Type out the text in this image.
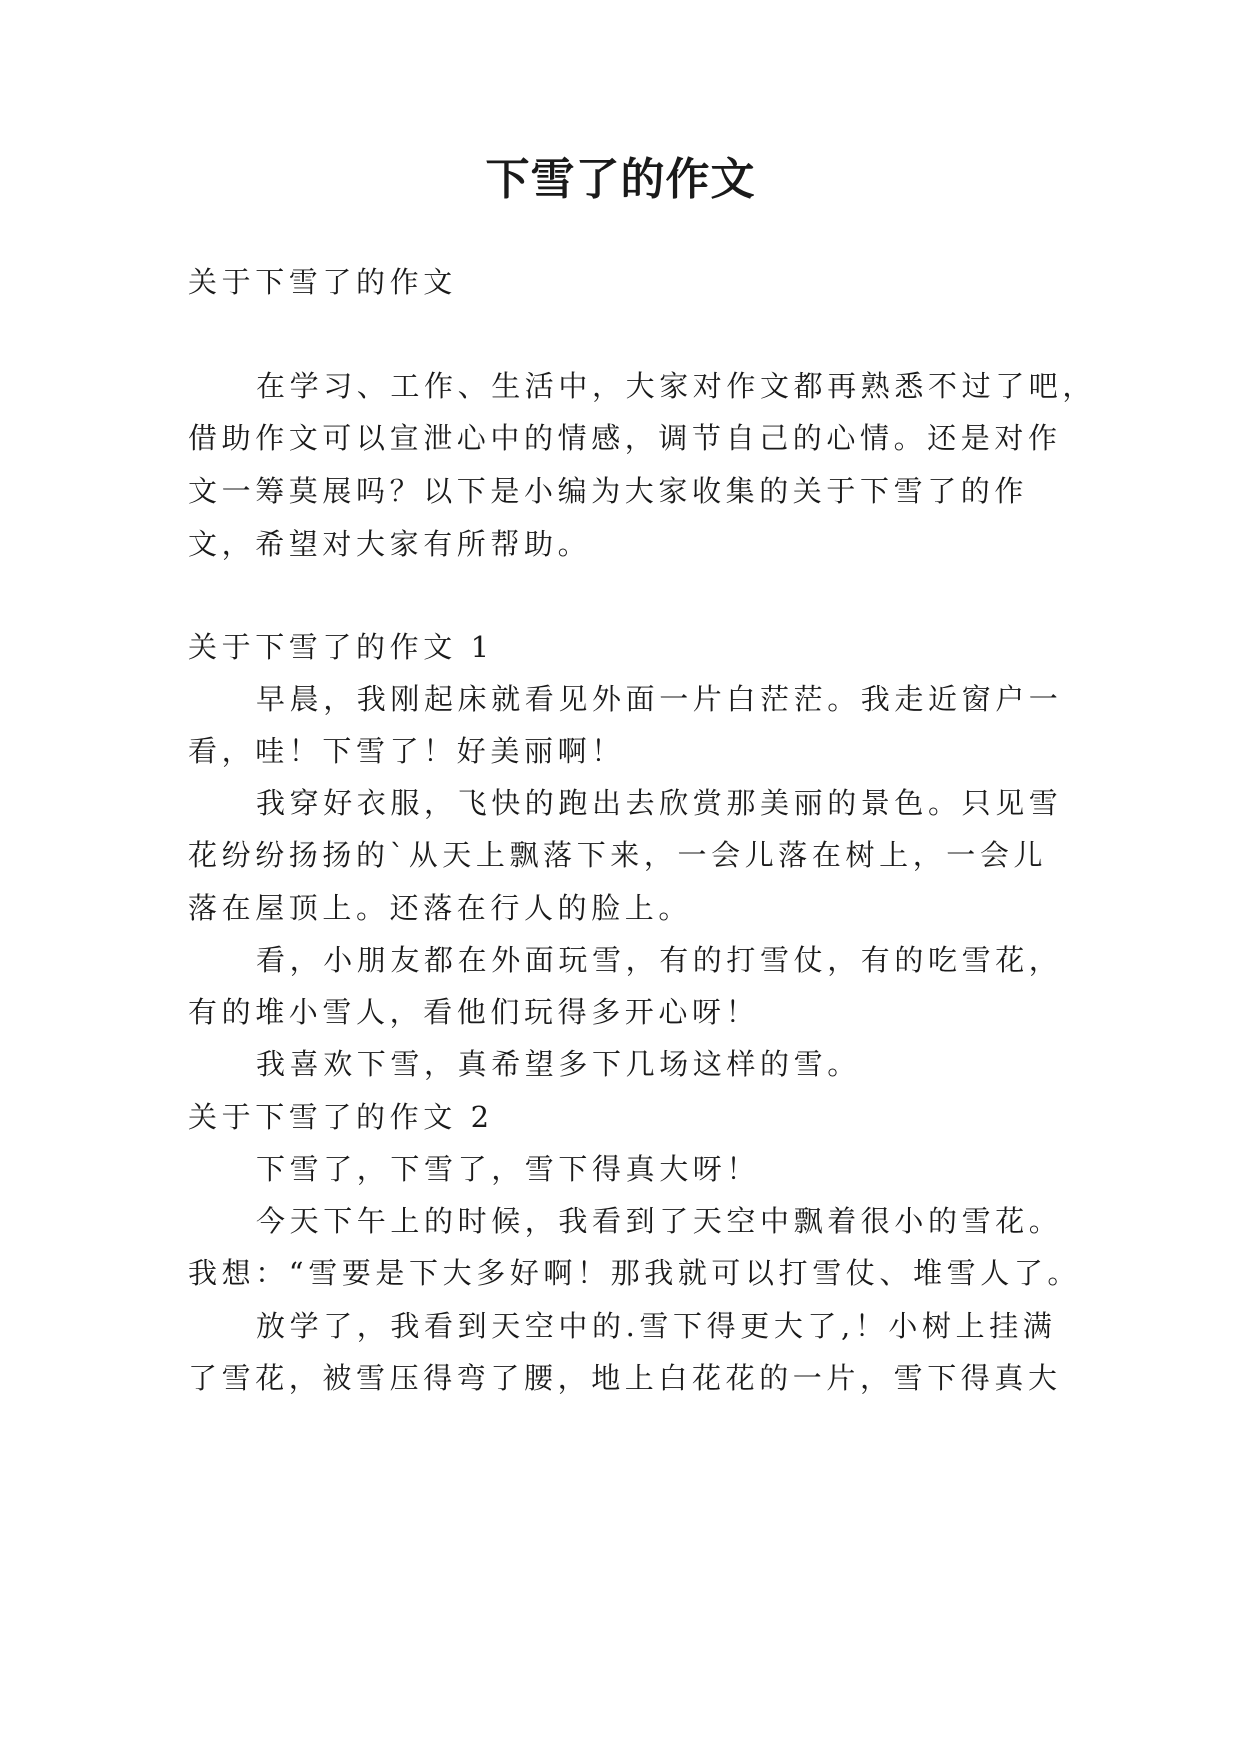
下雪了的作文

关于下雪了的作文

在学习、工作、生活中，大家对作文都再熟悉不过了吧，

借助作文可以宣泄心中的情感，调节自己的心情。还是对作

文一筹莫展吗？以下是小编为大家收集的关于下雪了的作

文，希望对大家有所帮助。

关于下雪了的作文 1

早晨，我刚起床就看见外面一片白茫茫。我走近窗户一

看，哇！下雪了！好美丽啊！

我穿好衣服，飞快的跑出去欣赏那美丽的景色。只见雪

花纷纷扬扬的`从天上飘落下来，一会儿落在树上，一会儿

落在屋顶上。还落在行人的脸上。

看，小朋友都在外面玩雪，有的打雪仗，有的吃雪花，

有的堆小雪人，看他们玩得多开心呀！

我喜欢下雪，真希望多下几场这样的雪。

关于下雪了的作文 2

下雪了，下雪了，雪下得真大呀！

今天下午上的时候，我看到了天空中飘着很小的雪花。

我想：“雪要是下大多好啊！那我就可以打雪仗、堆雪人了。

放学了，我看到天空中的.雪下得更大了,！小树上挂满

了雪花，被雪压得弯了腰，地上白花花的一片，雪下得真大
